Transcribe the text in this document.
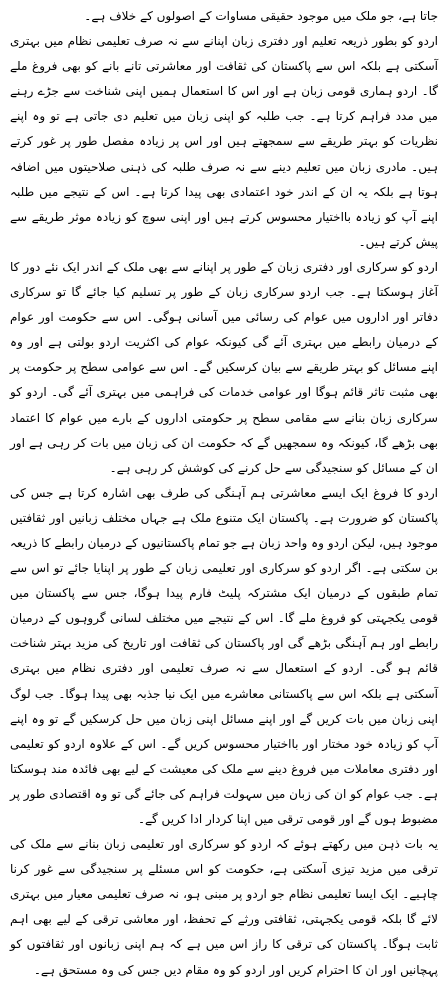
جاتا ہے، جو ملک میں موجود حقیقی مساوات کے اصولوں کے خلاف ہے۔

اردو کو بطور ذریعہ تعلیم اور دفتری زبان اپنانے سے نہ صرف تعلیمی نظام میں بہتری آسکتی ہے بلکہ اس سے پاکستان کی ثقافت اور معاشرتی تانے بانے کو بھی فروغ ملے گا۔ اردو ہماری قومی زبان ہے اور اس کا استعمال ہمیں اپنی شناخت سے جڑے رہنے میں مدد فراہم کرتا ہے۔ جب طلبہ کو اپنی زبان میں تعلیم دی جاتی ہے تو وہ اپنے نظریات کو بہتر طریقے سے سمجھتے ہیں اور اس پر زیادہ مفصل طور پر غور کرتے ہیں۔ مادری زبان میں تعلیم دینے سے نہ صرف طلبہ کی ذہنی صلاحیتوں میں اضافہ ہوتا ہے بلکہ یہ ان کے اندر خود اعتمادی بھی پیدا کرتا ہے۔ اس کے نتیجے میں طلبہ اپنے آپ کو زیادہ بااختیار محسوس کرتے ہیں اور اپنی سوچ کو زیادہ موثر طریقے سے پیش کرتے ہیں۔

اردو کو سرکاری اور دفتری زبان کے طور پر اپنانے سے بھی ملک کے اندر ایک نئے دور کا آغاز ہوسکتا ہے۔ جب اردو سرکاری زبان کے طور پر تسلیم کیا جائے گا تو سرکاری دفاتر اور اداروں میں عوام کی رسائی میں آسانی ہوگی۔ اس سے حکومت اور عوام کے درمیان رابطے میں بہتری آئے گی کیونکہ عوام کی اکثریت اردو بولتی ہے اور وہ اپنے مسائل کو بہتر طریقے سے بیان کرسکیں گے۔ اس سے عوامی سطح پر حکومت پر بھی مثبت تاثر قائم ہوگا اور عوامی خدمات کی فراہمی میں بہتری آئے گی۔ اردو کو سرکاری زبان بنانے سے مقامی سطح پر حکومتی اداروں کے بارے میں عوام کا اعتماد بھی بڑھے گا، کیونکہ وہ سمجھیں گے کہ حکومت ان کی زبان میں بات کر رہی ہے اور ان کے مسائل کو سنجیدگی سے حل کرنے کی کوشش کر رہی ہے۔

اردو کا فروغ ایک ایسے معاشرتی ہم آہنگی کی طرف بھی اشارہ کرتا ہے جس کی پاکستان کو ضرورت ہے۔ پاکستان ایک متنوع ملک ہے جہاں مختلف زبانیں اور ثقافتیں موجود ہیں، لیکن اردو وہ واحد زبان ہے جو تمام پاکستانیوں کے درمیان رابطے کا ذریعہ بن سکتی ہے۔ اگر اردو کو سرکاری اور تعلیمی زبان کے طور پر اپنایا جائے تو اس سے تمام طبقوں کے درمیان ایک مشترکہ پلیٹ فارم پیدا ہوگا، جس سے پاکستان میں قومی یکجہتی کو فروغ ملے گا۔ اس کے نتیجے میں مختلف لسانی گروہوں کے درمیان رابطے اور ہم آہنگی بڑھے گی اور پاکستان کی ثقافت اور تاریخ کی مزید بہتر شناخت قائم ہو گی۔ اردو کے استعمال سے نہ صرف تعلیمی اور دفتری نظام میں بہتری آسکتی ہے بلکہ اس سے پاکستانی معاشرے میں ایک نیا جذبہ بھی پیدا ہوگا۔ جب لوگ اپنی زبان میں بات کریں گے اور اپنے مسائل اپنی زبان میں حل کرسکیں گے تو وہ اپنے آپ کو زیادہ خود مختار اور بااختیار محسوس کریں گے۔ اس کے علاوہ اردو کو تعلیمی اور دفتری معاملات میں فروغ دینے سے ملک کی معیشت کے لیے بھی فائدہ مند ہوسکتا ہے۔ جب عوام کو ان کی زبان میں سہولت فراہم کی جائے گی تو وہ اقتصادی طور پر مضبوط ہوں گے اور قومی ترقی میں اپنا کردار ادا کریں گے۔

یہ بات ذہن میں رکھتے ہوئے کہ اردو کو سرکاری اور تعلیمی زبان بنانے سے ملک کی ترقی میں مزید تیزی آسکتی ہے، حکومت کو اس مسئلے پر سنجیدگی سے غور کرنا چاہیے۔ ایک ایسا تعلیمی نظام جو اردو پر مبنی ہو، نہ صرف تعلیمی معیار میں بہتری لائے گا بلکہ قومی یکجہتی، ثقافتی ورثے کے تحفظ، اور معاشی ترقی کے لیے بھی اہم ثابت ہوگا۔ پاکستان کی ترقی کا راز اس میں ہے کہ ہم اپنی زبانوں اور ثقافتوں کو پہچانیں اور ان کا احترام کریں اور اردو کو وہ مقام دیں جس کی وہ مستحق ہے۔
